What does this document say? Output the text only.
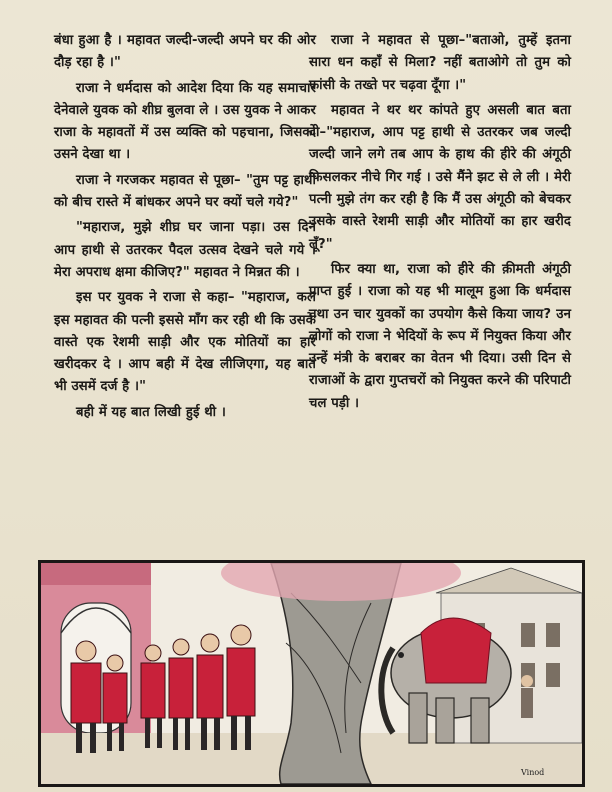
बंधा हुआ है । महावत जल्दी-जल्दी अपने घर की ओर दौड़ रहा है ।"

राजा ने धर्मदास को आदेश दिया कि यह समाचार देनेवाले युवक को शीघ्र बुलवा ले । उस युवक ने आकर राजा के महावतों में उस व्यक्ति को पहचाना, जिसको उसने देखा था ।

राजा ने गरजकर महावत से पूछा– "तुम पट्ट हाथी को बीच रास्ते में बांधकर अपने घर क्यों चले गये?"

"महाराज, मुझे शीघ्र घर जाना पड़ा। उस दिन आप हाथी से उतरकर पैदल उत्सव देखने चले गये । मेरा अपराध क्षमा कीजिए?" महावत ने मिन्नत की ।

इस पर युवक ने राजा से कहा– "महाराज, कल इस महावत की पत्नी इससे माँग कर रही थी कि उसके वास्ते एक रेशमी साड़ी और एक मोतियों का हार खरीदकर दे । आप बही में देख लीजिएगा, यह बात भी उसमें दर्ज है ।"

बही में यह बात लिखी हुई थी ।

राजा ने महावत से पूछा–"बताओ, तुम्हें इतना सारा धन कहाँ से मिला? नहीं बताओगे तो तुम को फांसी के तख्ते पर चढ़वा दूँगा ।"

महावत ने थर थर कांपते हुए असली बात बता दी–"महाराज, आप पट्ट हाथी से उतरकर जब जल्दी जल्दी जाने लगे तब आप के हाथ की हीरे की अंगूठी फिसलकर नीचे गिर गई । उसे मैंने झट से ले ली । मेरी पत्नी मुझे तंग कर रही है कि मैं उस अंगूठी को बेचकर उसके वास्ते रेशमी साड़ी और मोतियों का हार खरीद लूँ?"

फिर क्या था, राजा को हीरे की क़ीमती अंगूठी प्राप्त हुई । राजा को यह भी मालूम हुआ कि धर्मदास तथा उन चार युवकों का उपयोग कैसे किया जाय? उन लोगों को राजा ने भेदियों के रूप में नियुक्त किया और उन्हें मंत्री के बराबर का वेतन भी दिया। उसी दिन से राजाओं के द्वारा गुप्तचरों को नियुक्त करने की परिपाटी चल पड़ी ।

Vinod
